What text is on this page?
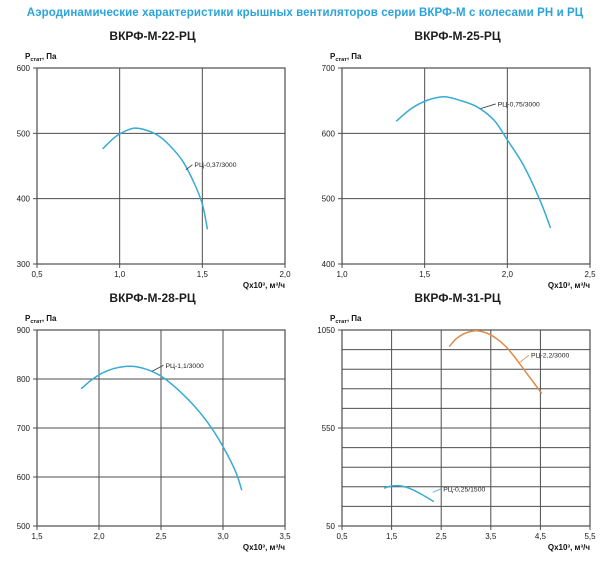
Аэродинамические характеристики крышных вентиляторов серии ВКРФ-М с колесами РН и РЦ
ВКРФ-М-22-РЦ
0,5	1,0	1,5	2,0
300
400
500
600
$P_{стат}$, Па
Qx10³, м³/ч
РЦ-0,37/3000
ВКРФ-М-25-РЦ
1,0	1,5	2,0	2,5
400
500
600
700
$P_{стат}$, Па
Qx10³, м³/ч
РЦ-0,75/3000
ВКРФ-М-28-РЦ
1,5	2,0	2,5	3,0	3,5
500
600
700
800
900
$P_{стат}$, Па
Qx10³, м³/ч
РЦ-1,1/3000
ВКРФ-М-31-РЦ
0,5	1,5	2,5	3,5	4,5	5,5
50
550
1050
$P_{стат}$, Па
Qx10³, м³/ч
РЦ-2,2/3000
РЦ-0,25/1500
